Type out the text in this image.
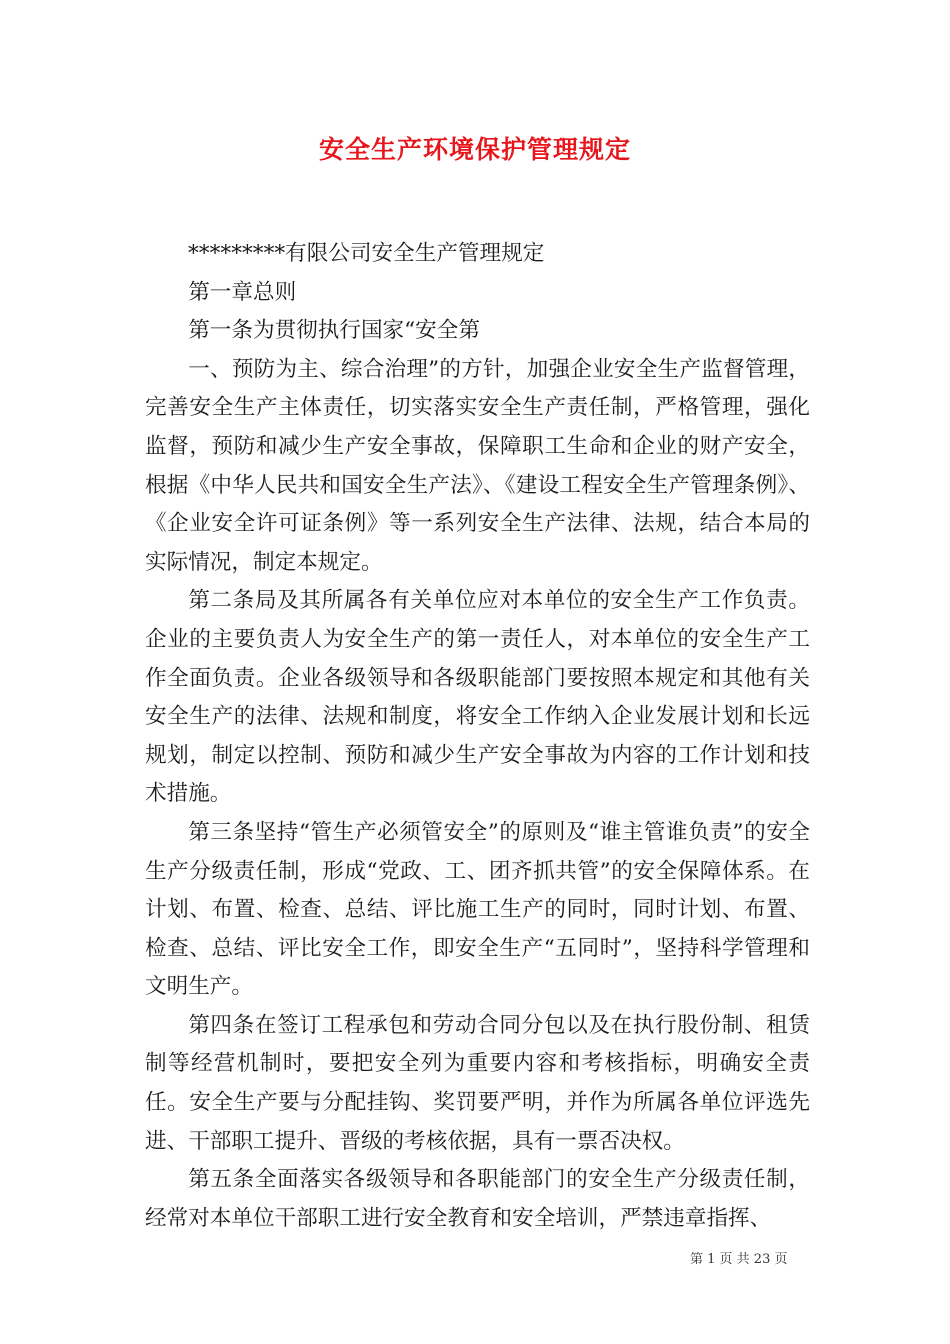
安全生产环境保护管理规定

*********有限公司安全生产管理规定

第一章总则

第一条为贯彻执行国家“安全第

一、预防为主、综合治理”的方针，加强企业安全生产监督管理，完善安全生产主体责任，切实落实安全生产责任制，严格管理，强化监督，预防和减少生产安全事故，保障职工生命和企业的财产安全，根据《中华人民共和国安全生产法》、《建设工程安全生产管理条例》、《企业安全许可证条例》等一系列安全生产法律、法规，结合本局的实际情况，制定本规定。

第二条局及其所属各有关单位应对本单位的安全生产工作负责。企业的主要负责人为安全生产的第一责任人，对本单位的安全生产工作全面负责。企业各级领导和各级职能部门要按照本规定和其他有关安全生产的法律、法规和制度，将安全工作纳入企业发展计划和长远规划，制定以控制、预防和减少生产安全事故为内容的工作计划和技术措施。

第三条坚持“管生产必须管安全”的原则及“谁主管谁负责”的安全生产分级责任制，形成“党政、工、团齐抓共管”的安全保障体系。在计划、布置、检查、总结、评比施工生产的同时，同时计划、布置、检查、总结、评比安全工作，即安全生产“五同时”，坚持科学管理和文明生产。

第四条在签订工程承包和劳动合同分包以及在执行股份制、租赁制等经营机制时，要把安全列为重要内容和考核指标，明确安全责任。安全生产要与分配挂钩、奖罚要严明，并作为所属各单位评选先进、干部职工提升、晋级的考核依据，具有一票否决权。

第五条全面落实各级领导和各职能部门的安全生产分级责任制，经常对本单位干部职工进行安全教育和安全培训，严禁违章指挥、

第 1 页 共 23 页
